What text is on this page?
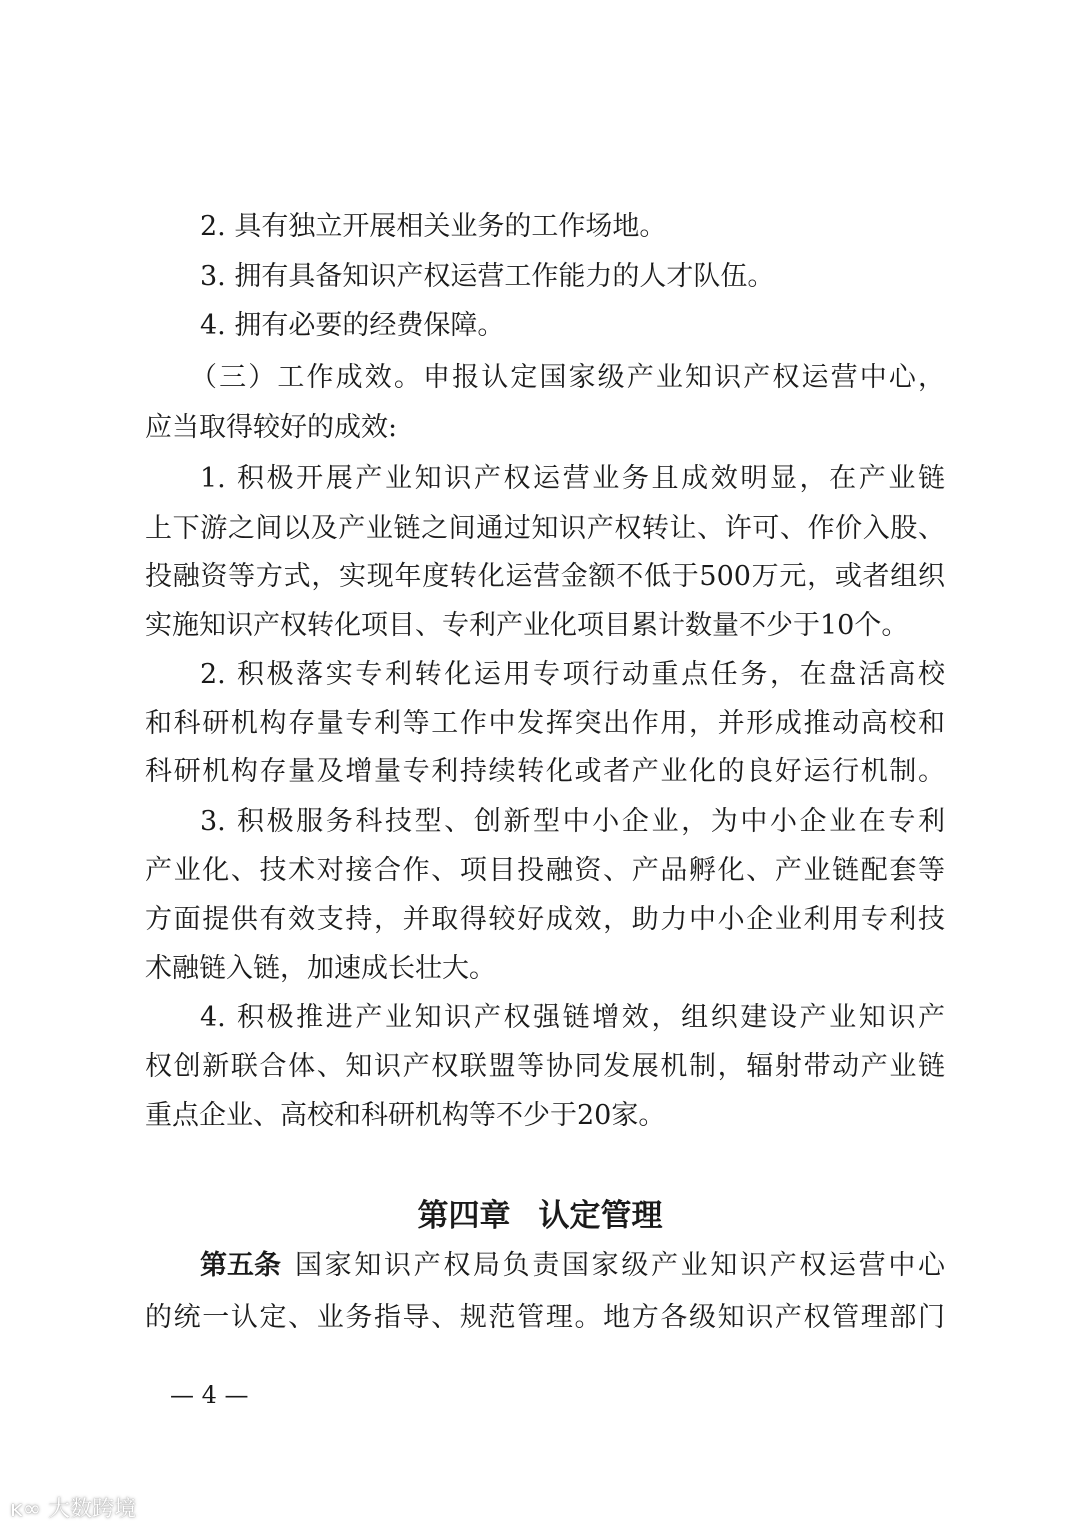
2. 具有独立开展相关业务的工作场地。
3. 拥有具备知识产权运营工作能力的人才队伍。
4. 拥有必要的经费保障。
（三）工作成效。申报认定国家级产业知识产权运营中心，
应当取得较好的成效:
1. 积极开展产业知识产权运营业务且成效明显，在产业链
上下游之间以及产业链之间通过知识产权转让、许可、作价入股、
投融资等方式，实现年度转化运营金额不低于500万元，或者组织
实施知识产权转化项目、专利产业化项目累计数量不少于10个。
2. 积极落实专利转化运用专项行动重点任务，在盘活高校
和科研机构存量专利等工作中发挥突出作用，并形成推动高校和
科研机构存量及增量专利持续转化或者产业化的良好运行机制。
3. 积极服务科技型、创新型中小企业，为中小企业在专利
产业化、技术对接合作、项目投融资、产品孵化、产业链配套等
方面提供有效支持，并取得较好成效，助力中小企业利用专利技
术融链入链，加速成长壮大。
4. 积极推进产业知识产权强链增效，组织建设产业知识产
权创新联合体、知识产权联盟等协同发展机制，辐射带动产业链
重点企业、高校和科研机构等不少于20家。
第四章 认定管理
第五条 国家知识产权局负责国家级产业知识产权运营中心
的统一认定、业务指导、规范管理。地方各级知识产权管理部门
— 4 —
ᴋ∞ 大数跨境
